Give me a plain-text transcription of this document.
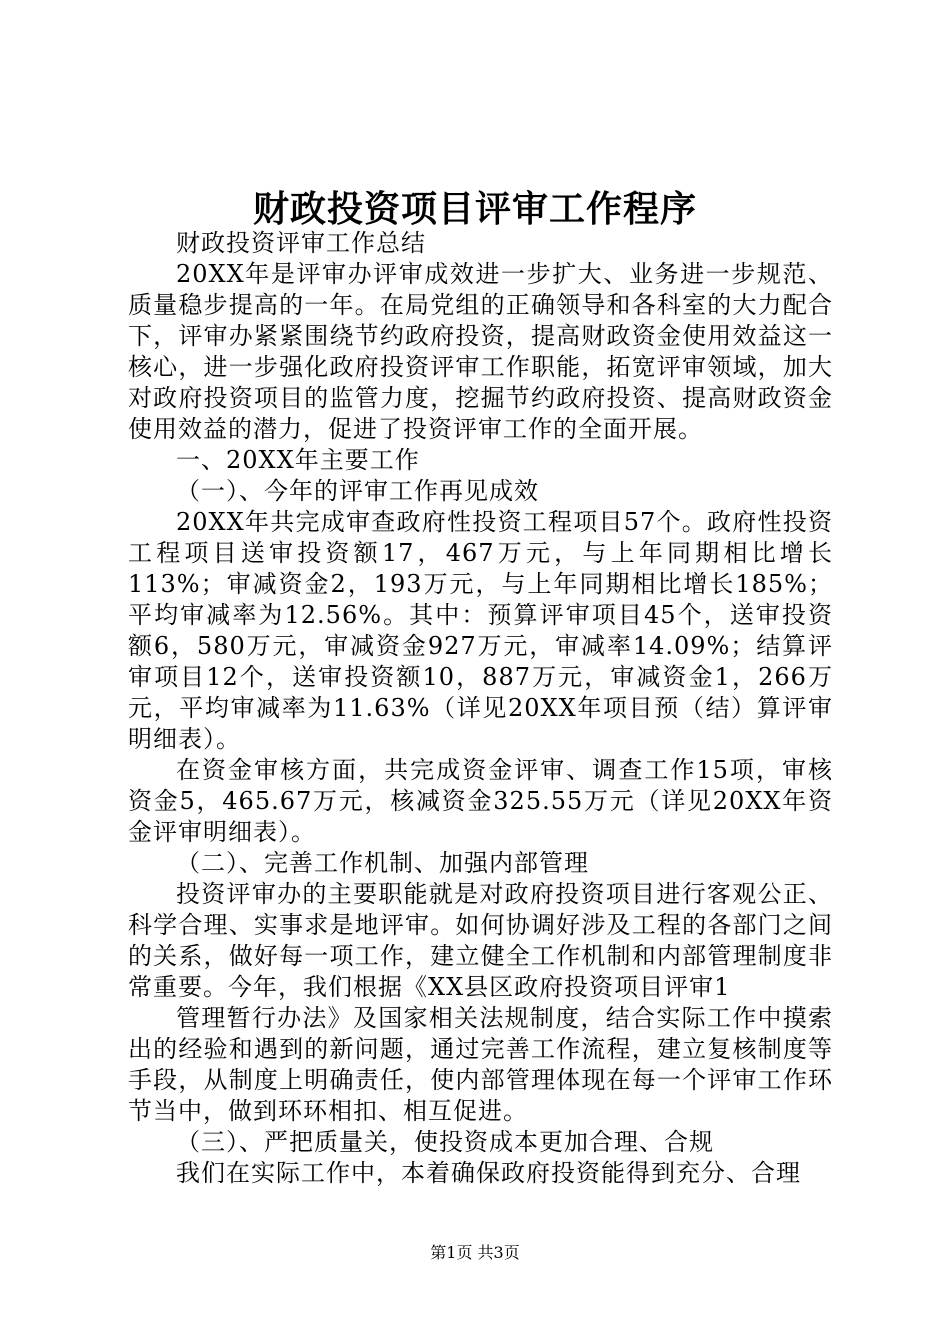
财政投资项目评审工作程序

财政投资评审工作总结

20XX年是评审办评审成效进一步扩大、业务进一步规范、质量稳步提高的一年。在局党组的正确领导和各科室的大力配合下，评审办紧紧围绕节约政府投资，提高财政资金使用效益这一核心，进一步强化政府投资评审工作职能，拓宽评审领域，加大对政府投资项目的监管力度，挖掘节约政府投资、提高财政资金使用效益的潜力，促进了投资评审工作的全面开展。

一、20XX年主要工作

（一）、今年的评审工作再见成效

20XX年共完成审查政府性投资工程项目57个。政府性投资工程项目送审投资额17，467万元，与上年同期相比增长113%；审减资金2，193万元，与上年同期相比增长185%；平均审减率为12.56%。其中：预算评审项目45个，送审投资额6，580万元，审减资金927万元，审减率14.09%；结算评审项目12个，送审投资额10，887万元，审减资金1，266万元，平均审减率为11.63%（详见20XX年项目预（结）算评审明细表）。

在资金审核方面，共完成资金评审、调查工作15项，审核资金5，465.67万元，核减资金325.55万元（详见20XX年资金评审明细表）。

（二）、完善工作机制、加强内部管理

投资评审办的主要职能就是对政府投资项目进行客观公正、科学合理、实事求是地评审。如何协调好涉及工程的各部门之间的关系，做好每一项工作，建立健全工作机制和内部管理制度非常重要。今年，我们根据《XX县区政府投资项目评审1

管理暂行办法》及国家相关法规制度，结合实际工作中摸索出的经验和遇到的新问题，通过完善工作流程，建立复核制度等手段，从制度上明确责任，使内部管理体现在每一个评审工作环节当中，做到环环相扣、相互促进。

（三）、严把质量关，使投资成本更加合理、合规

我们在实际工作中，本着确保政府投资能得到充分、合理

第1页 共3页
